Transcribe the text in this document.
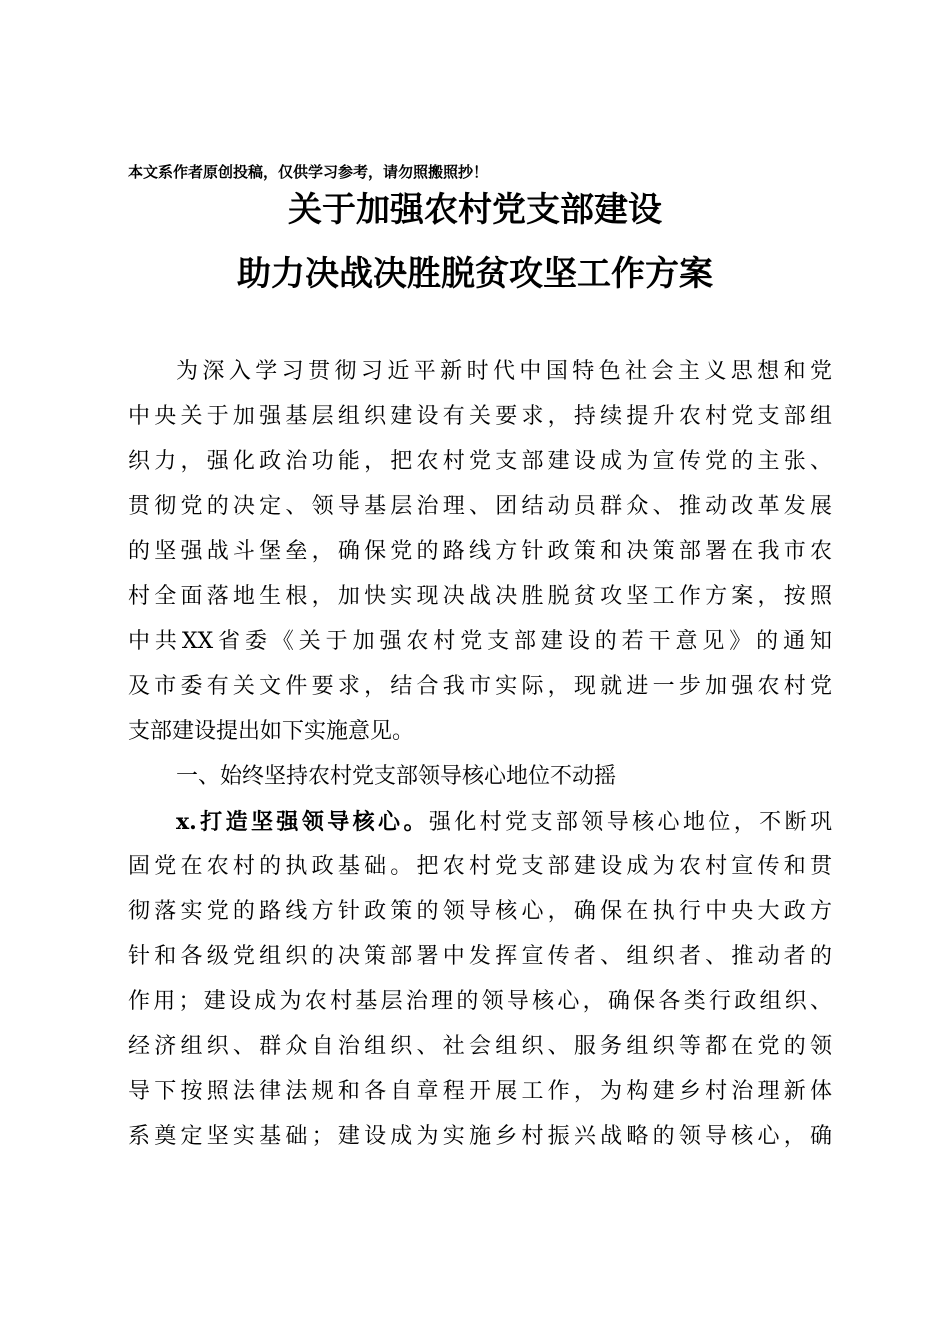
本文系作者原创投稿，仅供学习参考，请勿照搬照抄！
关于加强农村党支部建设
助力决战决胜脱贫攻坚工作方案
为深入学习贯彻习近平新时代中国特色社会主义思想和党
中央关于加强基层组织建设有关要求，持续提升农村党支部组
织力，强化政治功能，把农村党支部建设成为宣传党的主张、
贯彻党的决定、领导基层治理、团结动员群众、推动改革发展
的坚强战斗堡垒，确保党的路线方针政策和决策部署在我市农
村全面落地生根，加快实现决战决胜脱贫攻坚工作方案，按照
中共XX省委《关于加强农村党支部建设的若干意见》的通知
及市委有关文件要求，结合我市实际，现就进一步加强农村党
支部建设提出如下实施意见。
一、始终坚持农村党支部领导核心地位不动摇
x.打造坚强领导核心。强化村党支部领导核心地位，不断巩
固党在农村的执政基础。把农村党支部建设成为农村宣传和贯
彻落实党的路线方针政策的领导核心，确保在执行中央大政方
针和各级党组织的决策部署中发挥宣传者、组织者、推动者的
作用；建设成为农村基层治理的领导核心，确保各类行政组织、
经济组织、群众自治组织、社会组织、服务组织等都在党的领
导下按照法律法规和各自章程开展工作，为构建乡村治理新体
系奠定坚实基础；建设成为实施乡村振兴战略的领导核心，确
